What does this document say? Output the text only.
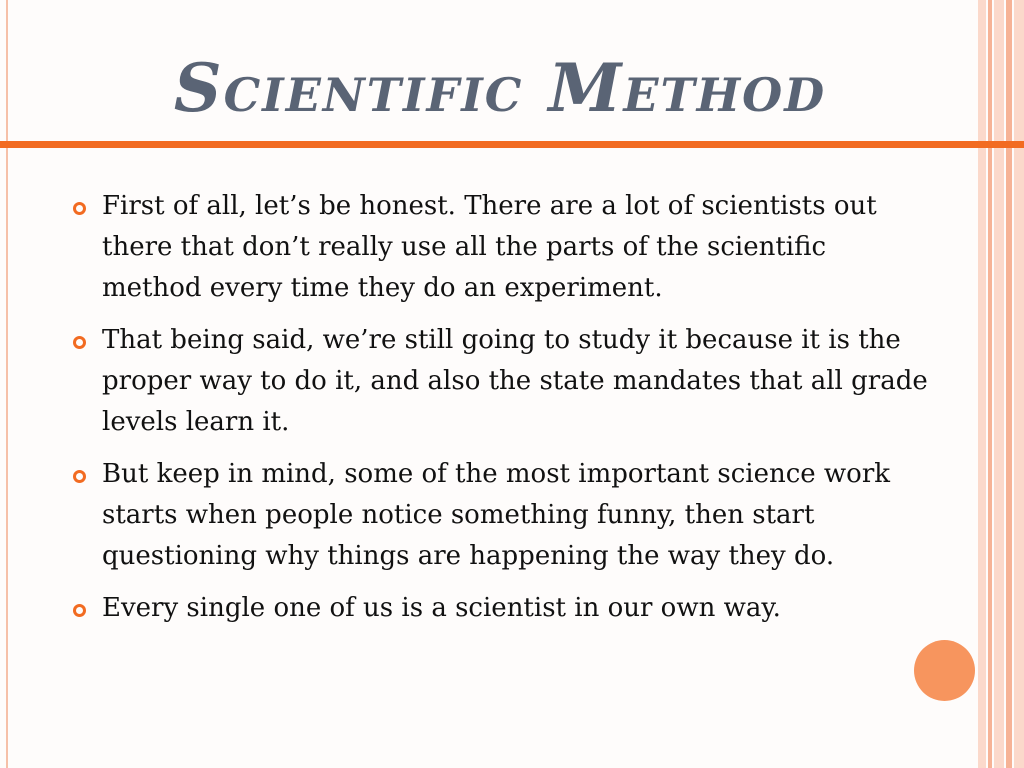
Scientific Method
First of all, let’s be honest. There are a lot of scientists out there that don’t really use all the parts of the scientific method every time they do an experiment.
That being said, we’re still going to study it because it is the proper way to do it, and also the state mandates that all grade levels learn it.
But keep in mind, some of the most important science work starts when people notice something funny, then start questioning why things are happening the way they do.
Every single one of us is a scientist in our own way.
